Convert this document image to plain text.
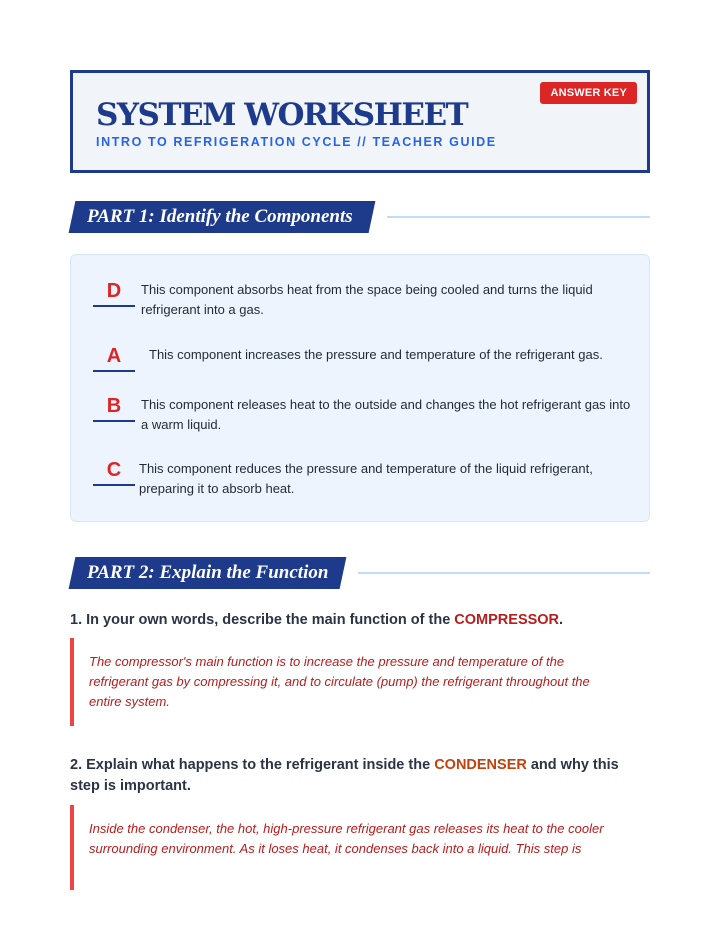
ANSWER KEY
SYSTEM WORKSHEET
INTRO TO REFRIGERATION CYCLE // TEACHER GUIDE
PART 1: Identify the Components
D	This component absorbs heat from the space being cooled and turns the liquid refrigerant into a gas.
A	This component increases the pressure and temperature of the refrigerant gas.
B	This component releases heat to the outside and changes the hot refrigerant gas into a warm liquid.
C	This component reduces the pressure and temperature of the liquid refrigerant, preparing it to absorb heat.
PART 2: Explain the Function
1. In your own words, describe the main function of the COMPRESSOR.

The compressor's main function is to increase the pressure and temperature of the refrigerant gas by compressing it, and to circulate (pump) the refrigerant throughout the entire system.

2. Explain what happens to the refrigerant inside the CONDENSER and why this step is important.

Inside the condenser, the hot, high-pressure refrigerant gas releases its heat to the cooler surrounding environment. As it loses heat, it condenses back into a liquid. This step is
